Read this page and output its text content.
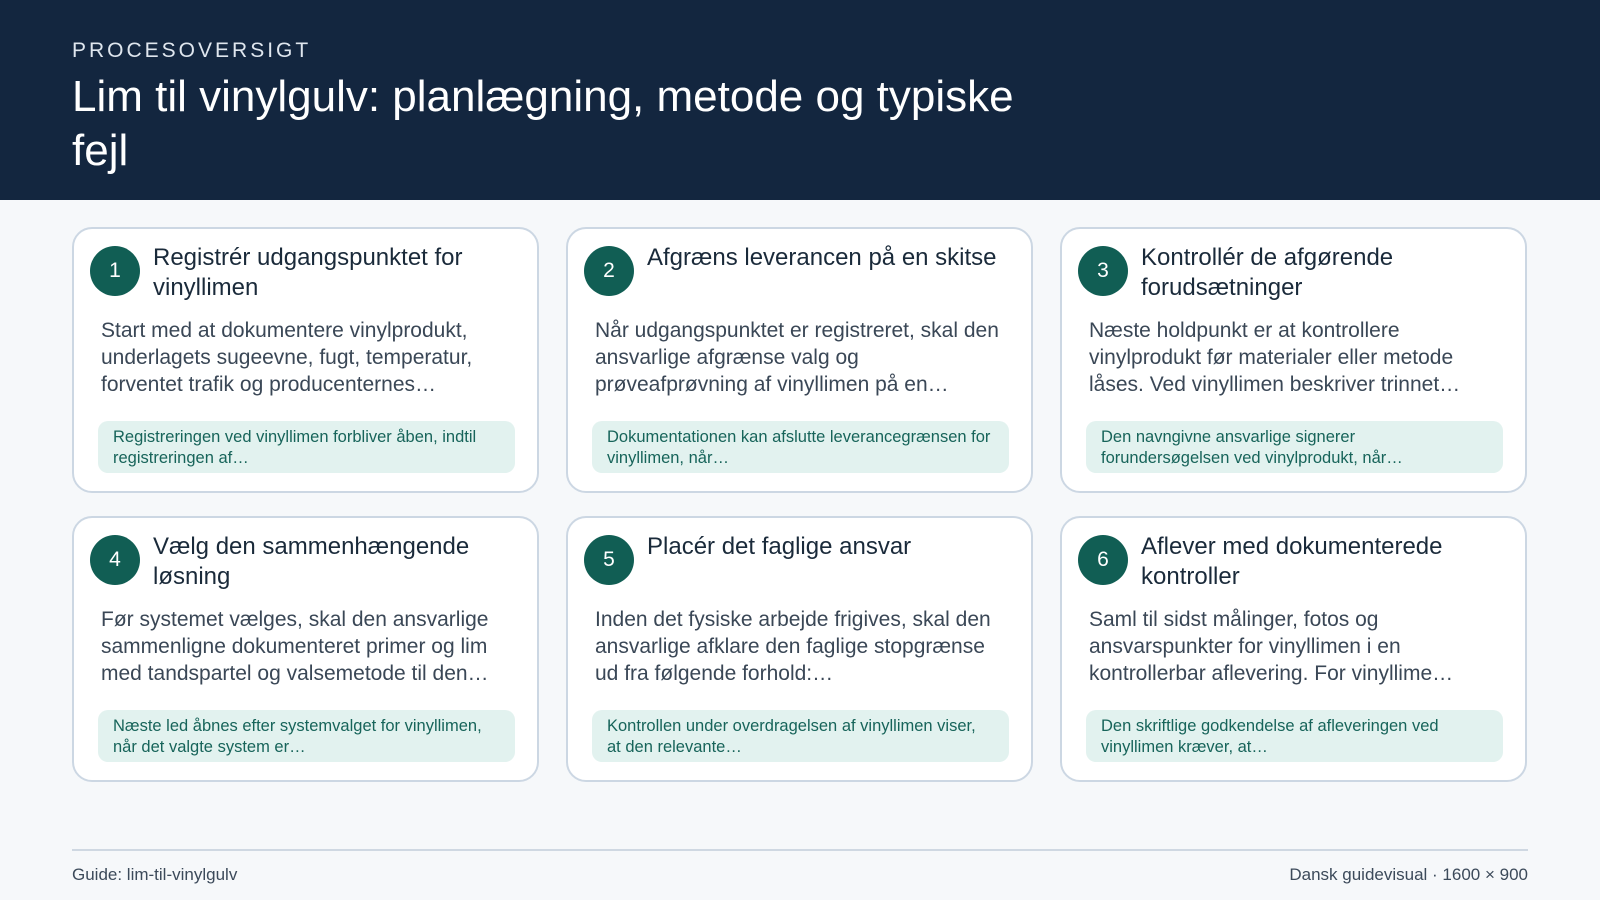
PROCESOVERSIGT

Lim til vinylgulv: planlægning, metode og typiske fejl
1	Registrér udgangspunktet for vinyllimen

Start med at dokumentere vinylprodukt, underlagets sugeevne, fugt, temperatur, forventet trafik og producenternes…

Registreringen ved vinyllimen forbliver åben, indtil registreringen af…

2	Afgræns leverancen på en skitse

Når udgangspunktet er registreret, skal den ansvarlige afgrænse valg og prøveafprøvning af vinyllimen på en…

Dokumentationen kan afslutte leverancegrænsen for vinyllimen, når…

3	Kontrollér de afgørende forudsætninger

Næste holdpunkt er at kontrollere vinylprodukt før materialer eller metode låses. Ved vinyllimen beskriver trinnet…

Den navngivne ansvarlige signerer forundersøgelsen ved vinylprodukt, når…

4	Vælg den sammenhængende løsning

Før systemet vælges, skal den ansvarlige sammenligne dokumenteret primer og lim med tandspartel og valsemetode til den…

Næste led åbnes efter systemvalget for vinyllimen, når det valgte system er…

5	Placér det faglige ansvar

Inden det fysiske arbejde frigives, skal den ansvarlige afklare den faglige stopgrænse ud fra følgende forhold:…

Kontrollen under overdragelsen af vinyllimen viser, at den relevante…

6	Aflever med dokumenterede kontroller

Saml til sidst målinger, fotos og ansvarspunkter for vinyllimen i en kontrollerbar aflevering. For vinyllime…

Den skriftlige godkendelse af afleveringen ved vinyllimen kræver, at…

Guide: lim-til-vinylgulv	Dansk guidevisual · 1600 × 900
